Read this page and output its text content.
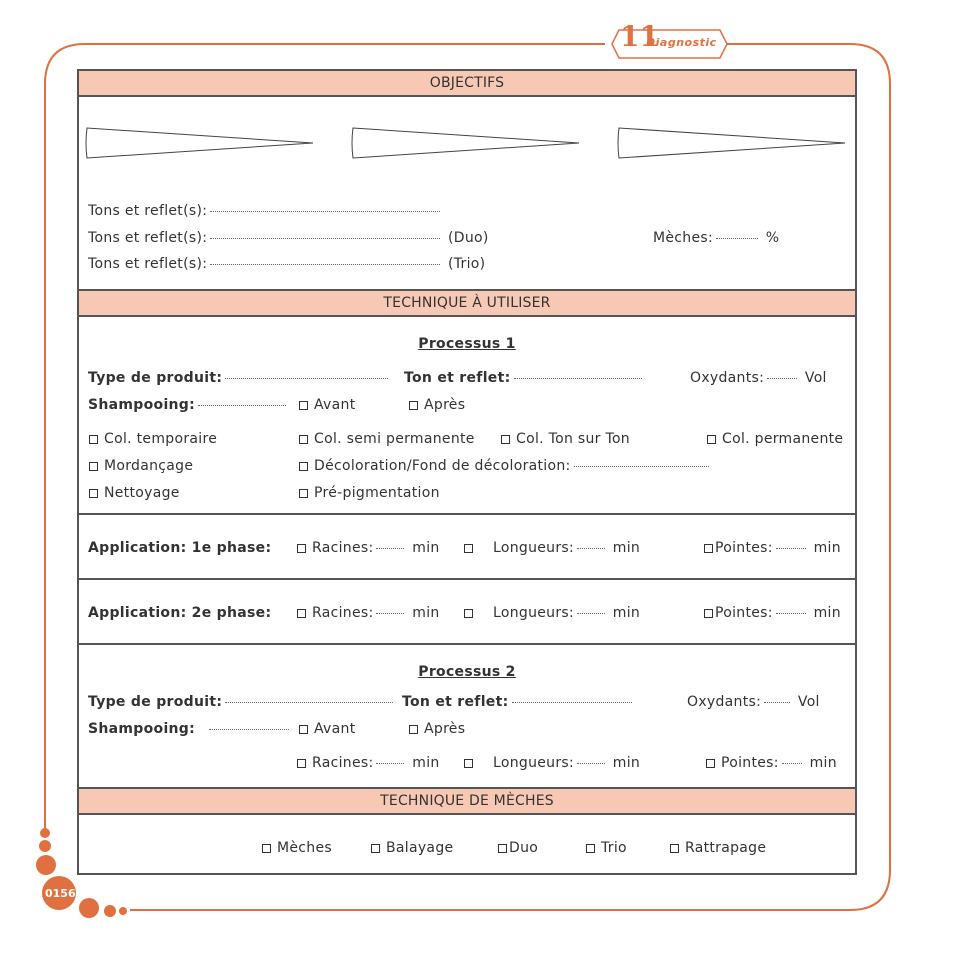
11
Diagnostic
0156
OBJECTIFS
Tons et reflet(s):
Tons et reflet(s):	(Duo)	Mèches:	%
Tons et reflet(s):	(Trio)
TECHNIQUE À UTILISER
Processus 1
Type de produit:	Ton et reflet:	Oxydants:	Vol
Shampooing:	Avant	Après
Col. temporaire	Col. semi permanente	Col. Ton sur Ton	Col. permanente
Mordançage	Décoloration/Fond de décoloration:
Nettoyage	Pré-pigmentation
Application: 1e phase:	Racines:	min	Longueurs:	min	Pointes:	min
Application: 2e phase:	Racines:	min	Longueurs:	min	Pointes:	min
Processus 2
Type de produit:	Ton et reflet:	Oxydants:	Vol
Shampooing:	Avant	Après
Racines:	min	Longueurs:	min	Pointes: min
TECHNIQUE DE MÈCHES
Mèches	Balayage	Duo	Trio	Rattrapage
